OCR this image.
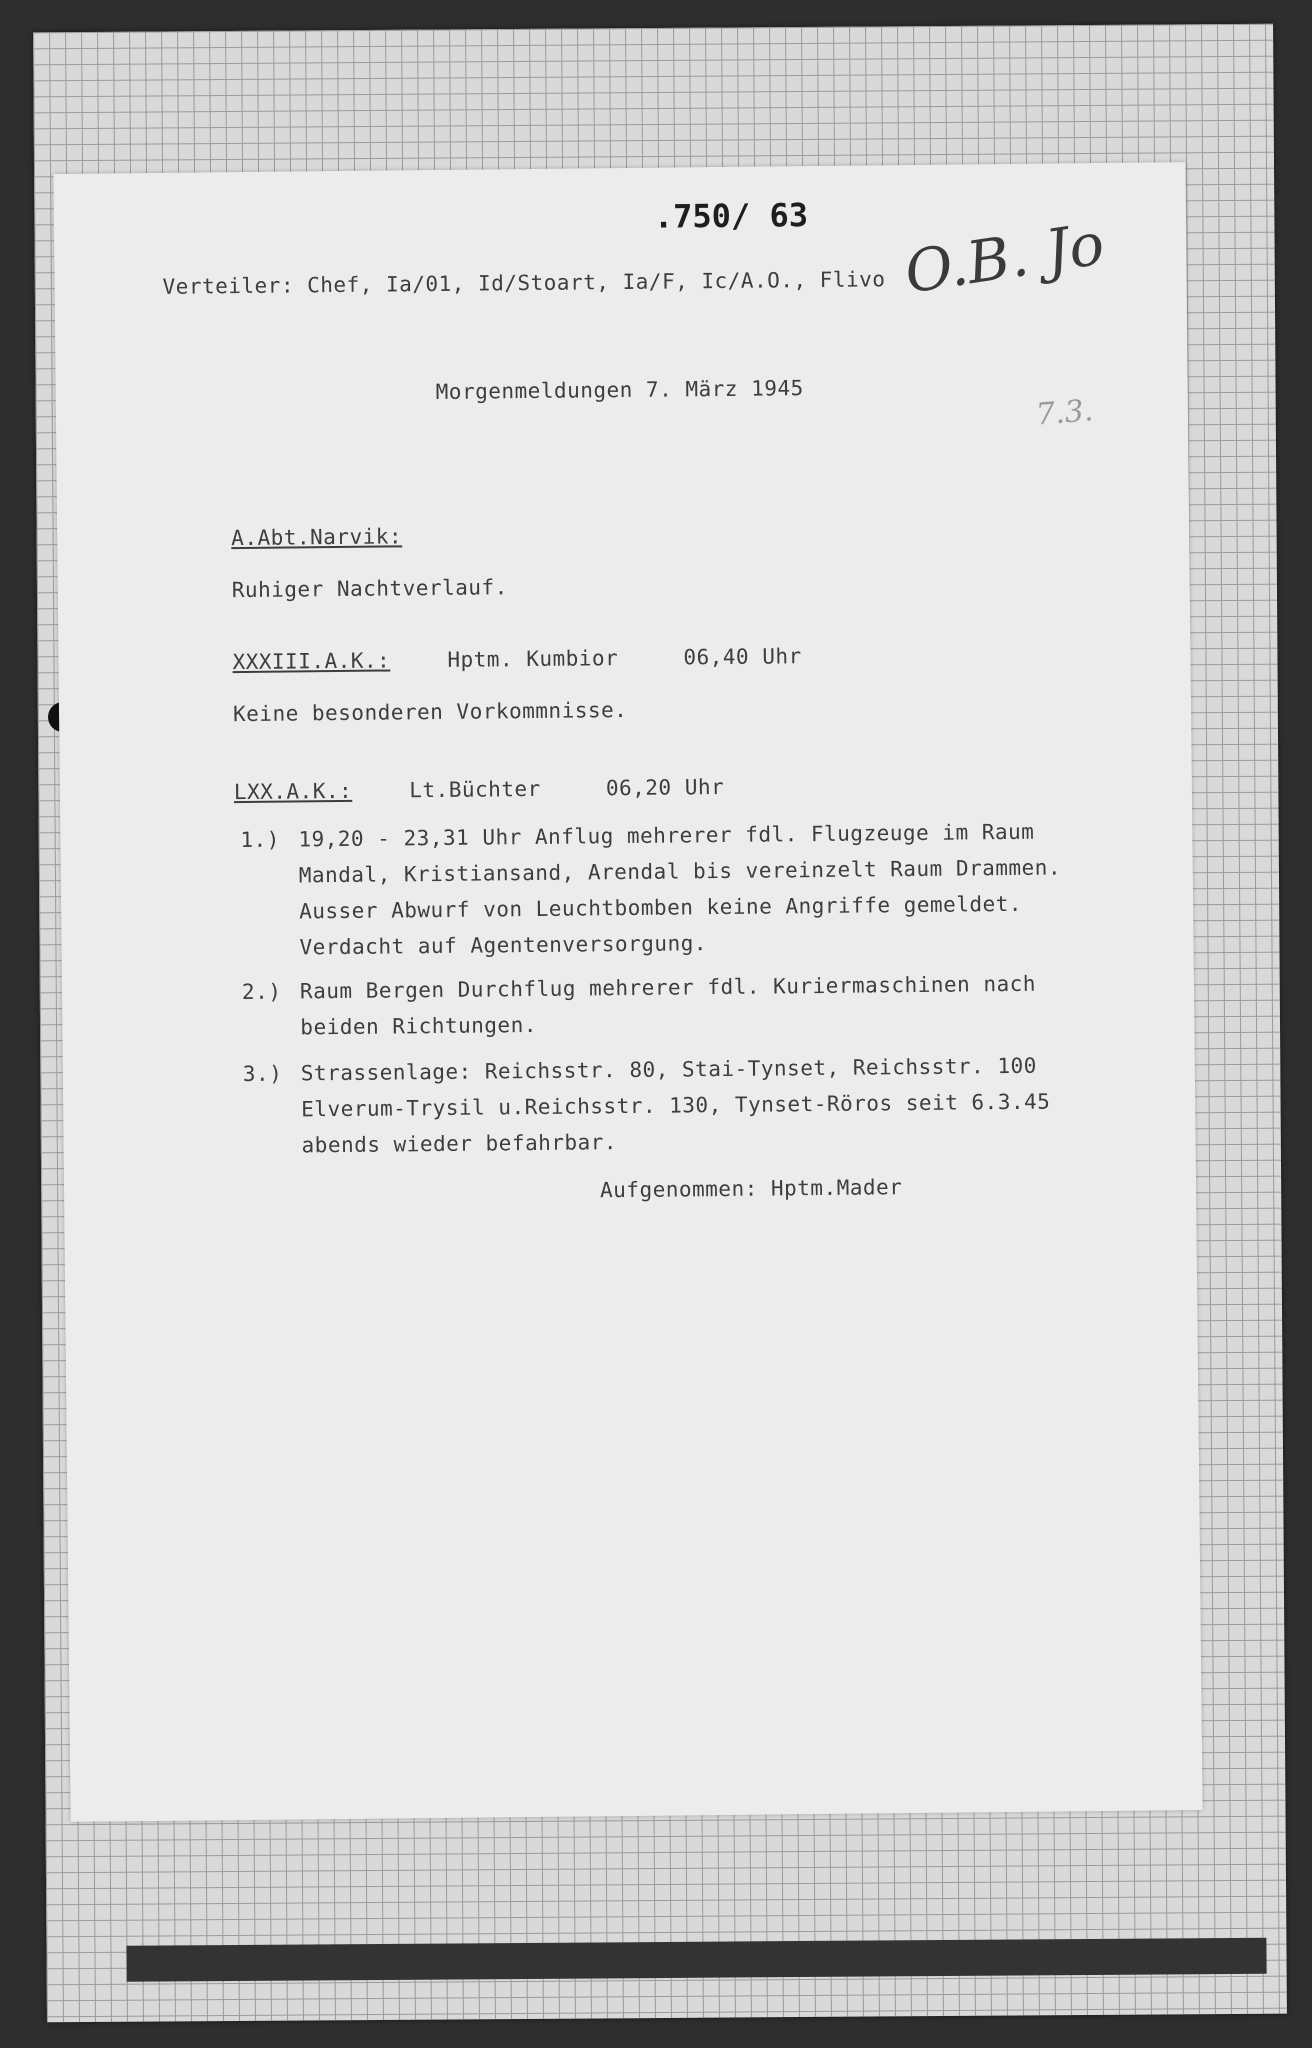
.750/ 63
Verteiler: Chef, Ia/01, Id/Stoart, Ia/F, Ic/A.O., Flivo O.B. Jo
7.3.
Morgenmeldungen 7. März 1945
A.Abt.Narvik:
Ruhiger Nachtverlauf.
XXXIII.A.K.:	Hptm. Kumbior	06,40 Uhr
Keine besonderen Vorkommnisse.
LXX.A.K.:	Lt.Büchter	06,20 Uhr
1.) 19,20 - 23,31 Uhr Anflug mehrerer fdl. Flugzeuge im Raum
Mandal, Kristiansand, Arendal bis vereinzelt Raum Drammen.
Ausser Abwurf von Leuchtbomben keine Angriffe gemeldet.
Verdacht auf Agentenversorgung.
2.) Raum Bergen Durchflug mehrerer fdl. Kuriermaschinen nach
beiden Richtungen.
3.) Strassenlage: Reichsstr. 80, Stai-Tynset, Reichsstr. 100
Elverum-Trysil u.Reichsstr. 130, Tynset-Röros seit 6.3.45
abends wieder befahrbar.
Aufgenommen: Hptm.Mader
